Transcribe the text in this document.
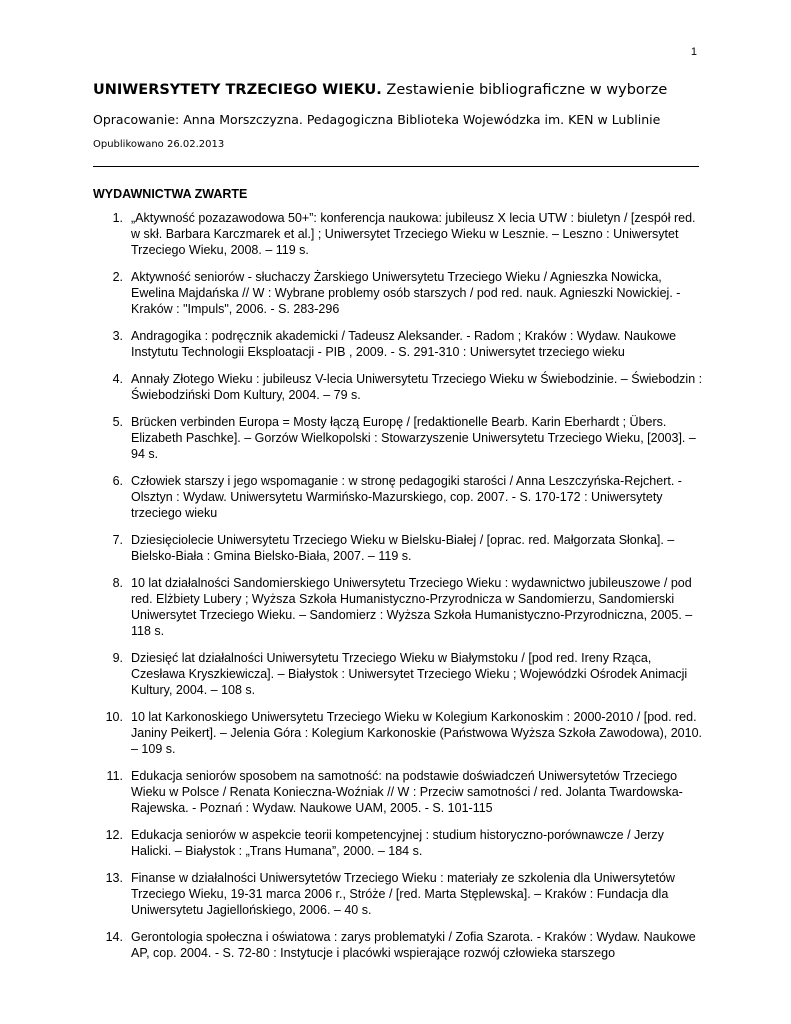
1
UNIWERSYTETY TRZECIEGO WIEKU. Zestawienie bibliograficzne w wyborze
Opracowanie: Anna Morszczyzna. Pedagogiczna Biblioteka Wojewódzka im. KEN w Lublinie
Opublikowano 26.02.2013
WYDAWNICTWA ZWARTE
1. „Aktywność pozazawodowa 50+”: konferencja naukowa: jubileusz X lecia UTW : biuletyn / [zespół red. w skł. Barbara Karczmarek et al.] ; Uniwersytet Trzeciego Wieku w Lesznie. – Leszno : Uniwersytet Trzeciego Wieku, 2008. – 119 s.
2. Aktywność seniorów - słuchaczy Żarskiego Uniwersytetu Trzeciego Wieku / Agnieszka Nowicka, Ewelina Majdańska // W : Wybrane problemy osób starszych / pod red. nauk. Agnieszki Nowickiej. - Kraków : "Impuls", 2006. - S. 283-296
3. Andragogika : podręcznik akademicki / Tadeusz Aleksander. - Radom ; Kraków : Wydaw. Naukowe Instytutu Technologii Eksploatacji - PIB , 2009. - S. 291-310 : Uniwersytet trzeciego wieku
4. Annały Złotego Wieku : jubileusz V-lecia Uniwersytetu Trzeciego Wieku w Świebodzinie. – Świebodzin : Świebodziński Dom Kultury, 2004. – 79 s.
5. Brücken verbinden Europa = Mosty łączą Europę / [redaktionelle Bearb. Karin Eberhardt ; Übers. Elizabeth Paschke]. – Gorzów Wielkopolski : Stowarzyszenie Uniwersytetu Trzeciego Wieku, [2003]. – 94 s.
6. Człowiek starszy i jego wspomaganie : w stronę pedagogiki starości / Anna Leszczyńska-Rejchert. - Olsztyn : Wydaw. Uniwersytetu Warmińsko-Mazurskiego, cop. 2007. - S. 170-172 : Uniwersytety trzeciego wieku
7. Dziesięciolecie Uniwersytetu Trzeciego Wieku w Bielsku-Białej / [oprac. red. Małgorzata Słonka]. – Bielsko-Biała : Gmina Bielsko-Biała, 2007. – 119 s.
8. 10 lat działalności Sandomierskiego Uniwersytetu Trzeciego Wieku : wydawnictwo jubileuszowe / pod red. Elżbiety Lubery ; Wyższa Szkoła Humanistyczno-Przyrodnicza w Sandomierzu, Sandomierski Uniwersytet Trzeciego Wieku. – Sandomierz : Wyższa Szkoła Humanistyczno-Przyrodniczna, 2005. – 118 s.
9. Dziesięć lat działalności Uniwersytetu Trzeciego Wieku w Białymstoku / [pod red. Ireny Rząca, Czesława Kryszkiewicza]. – Białystok : Uniwersytet Trzeciego Wieku ; Wojewódzki Ośrodek Animacji Kultury, 2004. – 108 s.
10. 10 lat Karkonoskiego Uniwersytetu Trzeciego Wieku w Kolegium Karkonoskim : 2000-2010 / [pod. red. Janiny Peikert]. – Jelenia Góra : Kolegium Karkonoskie (Państwowa Wyższa Szkoła Zawodowa), 2010. – 109 s.
11. Edukacja seniorów sposobem na samotność: na podstawie doświadczeń Uniwersytetów Trzeciego Wieku w Polsce / Renata Konieczna-Woźniak // W : Przeciw samotności / red. Jolanta Twardowska-Rajewska. - Poznań : Wydaw. Naukowe UAM, 2005. - S. 101-115
12. Edukacja seniorów w aspekcie teorii kompetencyjnej : studium historyczno-porównawcze / Jerzy Halicki. – Białystok : „Trans Humana”, 2000. – 184 s.
13. Finanse w działalności Uniwersytetów Trzeciego Wieku : materiały ze szkolenia dla Uniwersytetów Trzeciego Wieku, 19-31 marca 2006 r., Stróże / [red. Marta Stęplewska]. – Kraków : Fundacja dla Uniwersytetu Jagiellońskiego, 2006. – 40 s.
14. Gerontologia społeczna i oświatowa : zarys problematyki / Zofia Szarota. - Kraków : Wydaw. Naukowe AP, cop. 2004. - S. 72-80 : Instytucje i placówki wspierające rozwój człowieka starszego
